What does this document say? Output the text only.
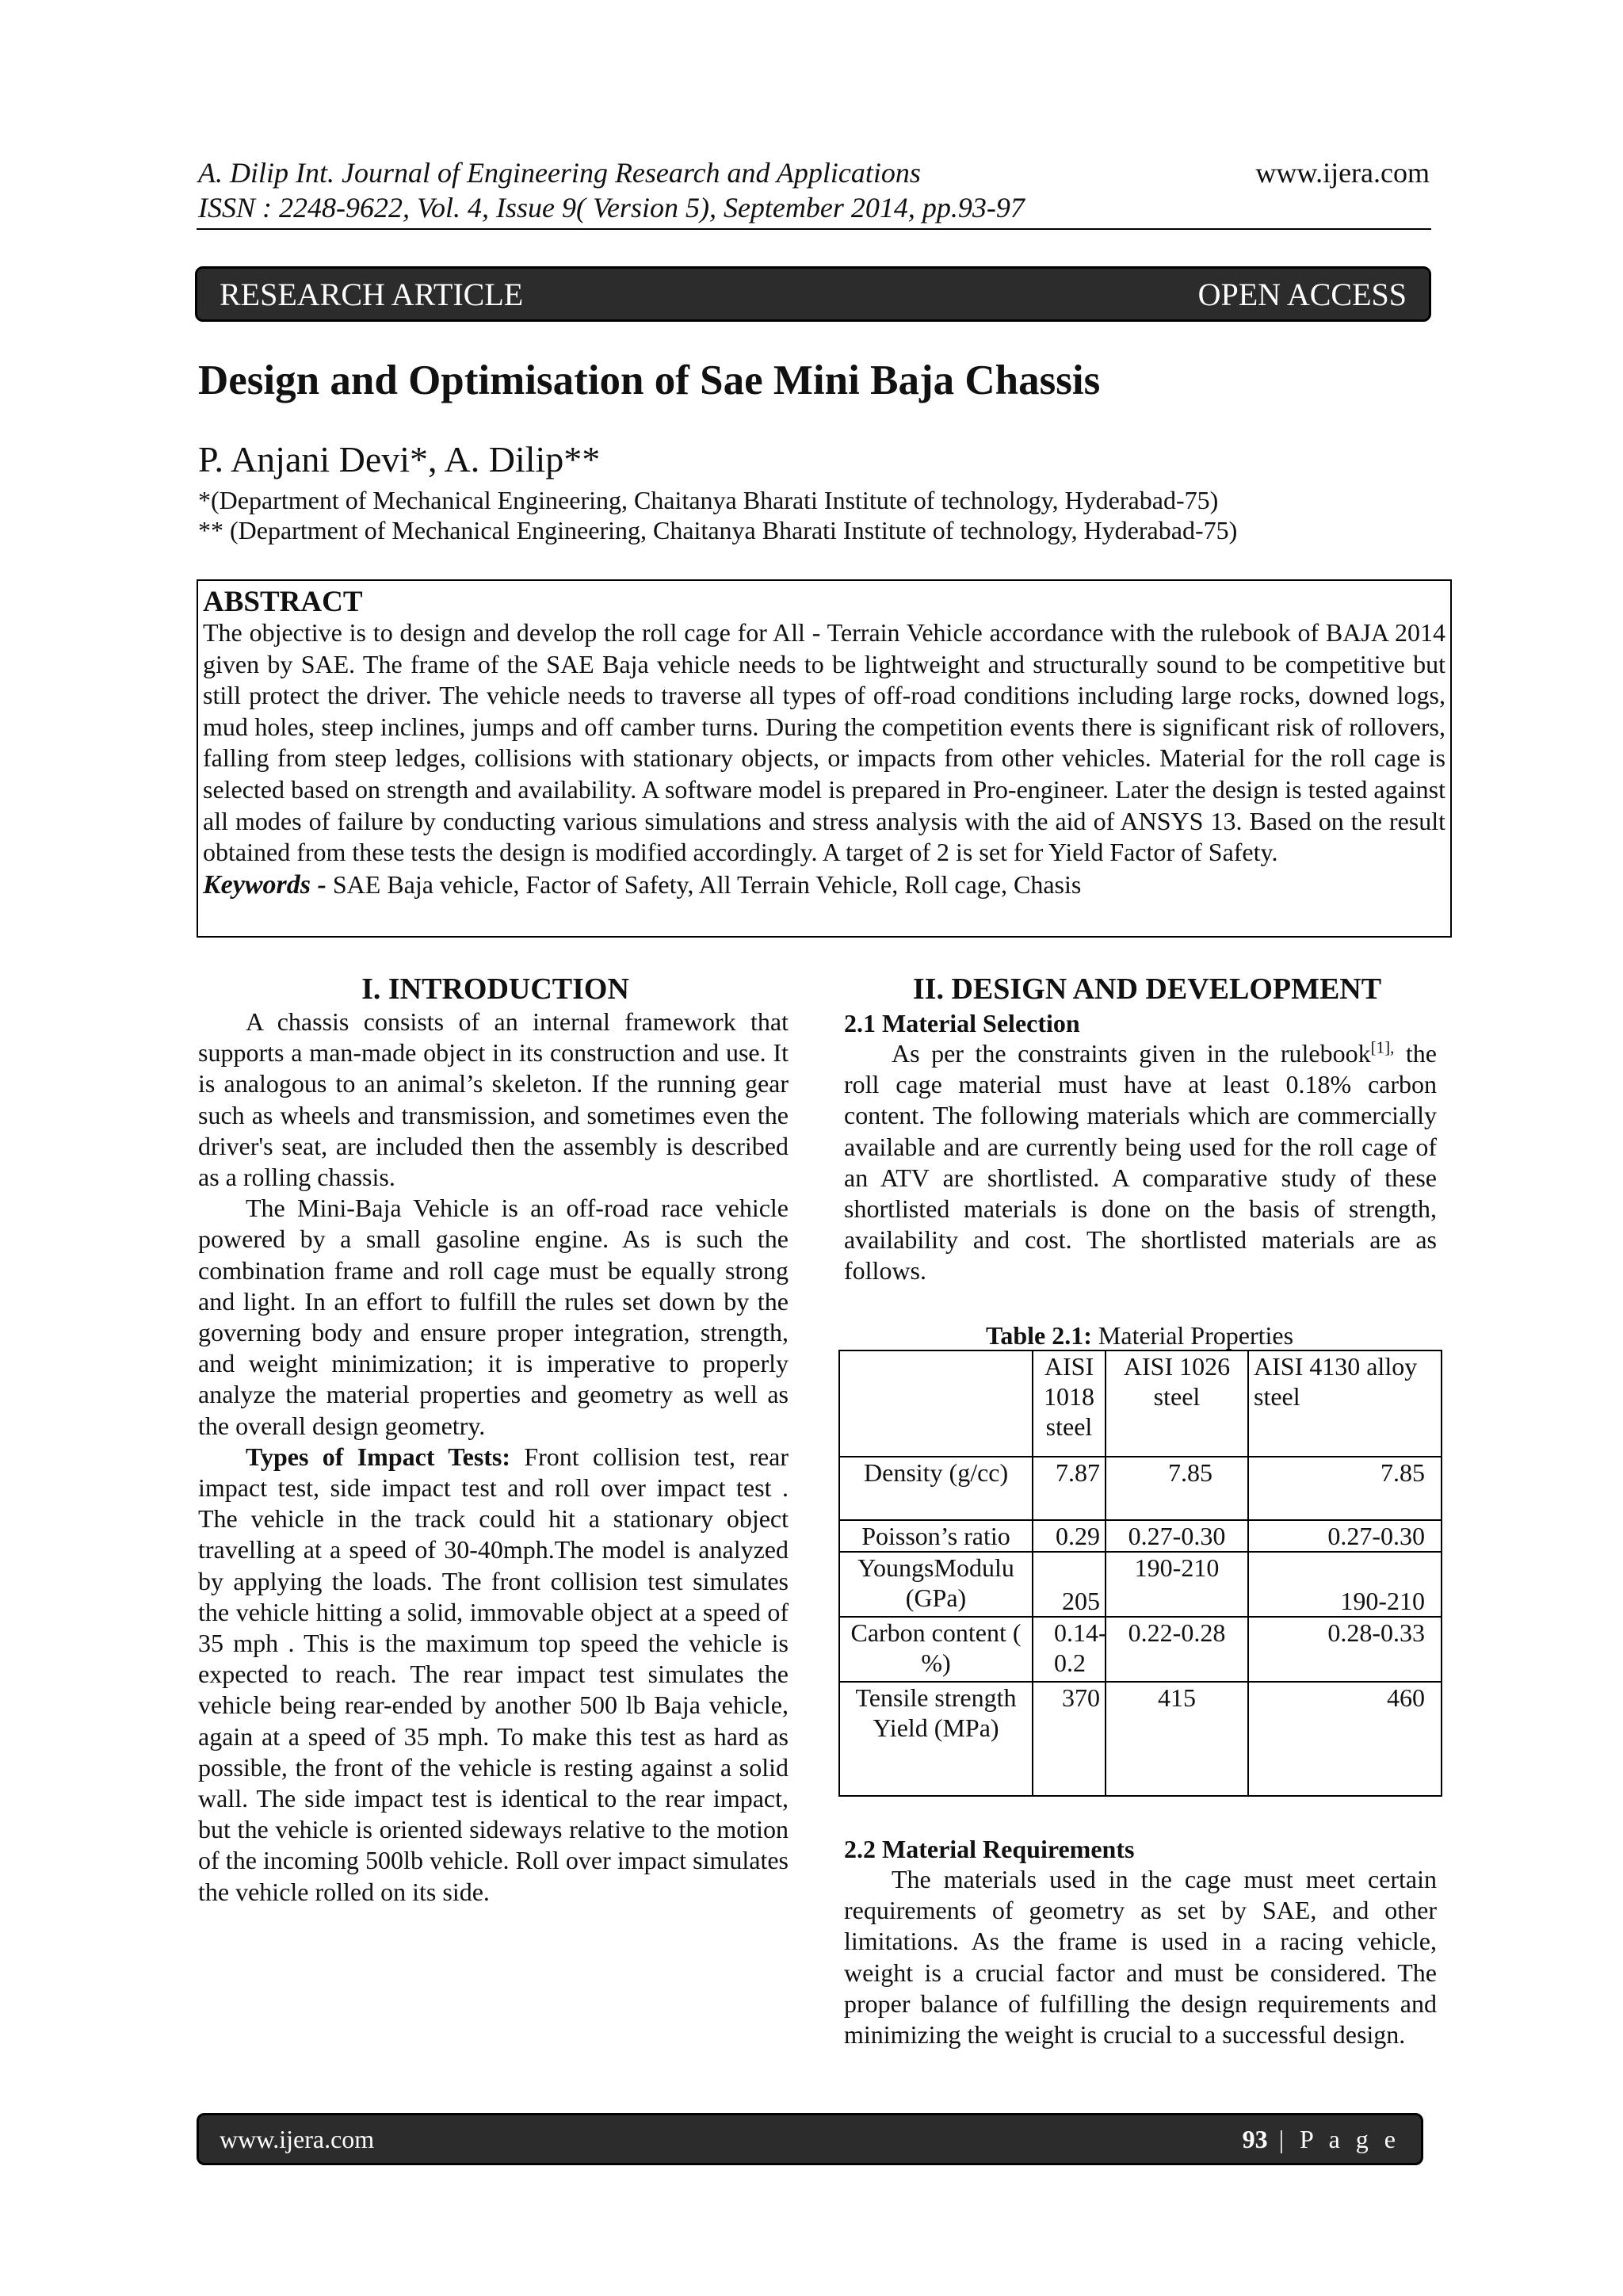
A. Dilip Int. Journal of Engineering Research and Applications
ISSN : 2248-9622, Vol. 4, Issue 9( Version 5), September 2014, pp.93-97
www.ijera.com
RESEARCH ARTICLE	OPEN ACCESS
Design and Optimisation of Sae Mini Baja Chassis
P. Anjani Devi*, A. Dilip**
*(Department of Mechanical Engineering, Chaitanya Bharati Institute of technology, Hyderabad-75)
** (Department of Mechanical Engineering, Chaitanya Bharati Institute of technology, Hyderabad-75)
ABSTRACT
The objective is to design and develop the roll cage for All - Terrain Vehicle accordance with the rulebook of BAJA 2014 given by SAE. The frame of the SAE Baja vehicle needs to be lightweight and structurally sound to be competitive but still protect the driver. The vehicle needs to traverse all types of off-road conditions including large rocks, downed logs, mud holes, steep inclines, jumps and off camber turns. During the competition events there is significant risk of rollovers, falling from steep ledges, collisions with stationary objects, or impacts from other vehicles. Material for the roll cage is selected based on strength and availability. A software model is prepared in Pro-engineer. Later the design is tested against all modes of failure by conducting various simulations and stress analysis with the aid of ANSYS 13. Based on the result obtained from these tests the design is modified accordingly. A target of 2 is set for Yield Factor of Safety.
Keywords - SAE Baja vehicle, Factor of Safety, All Terrain Vehicle, Roll cage, Chasis
I. INTRODUCTION

A chassis consists of an internal framework that supports a man-made object in its construction and use. It is analogous to an animal’s skeleton. If the running gear such as wheels and transmission, and sometimes even the driver's seat, are included then the assembly is described as a rolling chassis.

The Mini-Baja Vehicle is an off-road race vehicle powered by a small gasoline engine. As is such the combination frame and roll cage must be equally strong and light. In an effort to fulfill the rules set down by the governing body and ensure proper integration, strength, and weight minimization; it is imperative to properly analyze the material properties and geometry as well as the overall design geometry.

Types of Impact Tests: Front collision test, rear impact test, side impact test and roll over impact test . The vehicle in the track could hit a stationary object travelling at a speed of 30-40mph.The model is analyzed by applying the loads. The front collision test simulates the vehicle hitting a solid, immovable object at a speed of 35 mph . This is the maximum top speed the vehicle is expected to reach. The rear impact test simulates the vehicle being rear-ended by another 500 lb Baja vehicle, again at a speed of 35 mph. To make this test as hard as possible, the front of the vehicle is resting against a solid wall. The side impact test is identical to the rear impact, but the vehicle is oriented sideways relative to the motion of the incoming 500lb vehicle. Roll over impact simulates the vehicle rolled on its side.

II. DESIGN AND DEVELOPMENT
2.1 Material Selection

As per the constraints given in the rulebook$^{[1],}$ the roll cage material must have at least 0.18% carbon content. The following materials which are commercially available and are currently being used for the roll cage of an ATV are shortlisted. A comparative study of these shortlisted materials is done on the basis of strength, availability and cost. The shortlisted materials are as follows.

Table 2.1: Material Properties
	AISI 1018 steel	AISI 1026 steel	AISI 4130 alloy steel
Density (g/cc)	7.87	7.85	7.85
Poisson’s ratio	0.29	0.27-0.30	0.27-0.30
YoungsModulu (GPa)	205	190-210	190-210
Carbon content ( %)	0.14-0.2	0.22-0.28	0.28-0.33
Tensile strength Yield (MPa)	370	415	460
2.2 Material Requirements

The materials used in the cage must meet certain requirements of geometry as set by SAE, and other limitations. As the frame is used in a racing vehicle, weight is a crucial factor and must be considered. The proper balance of fulfilling the design requirements and minimizing the weight is crucial to a successful design.

www.ijera.com	93 | P a g e
